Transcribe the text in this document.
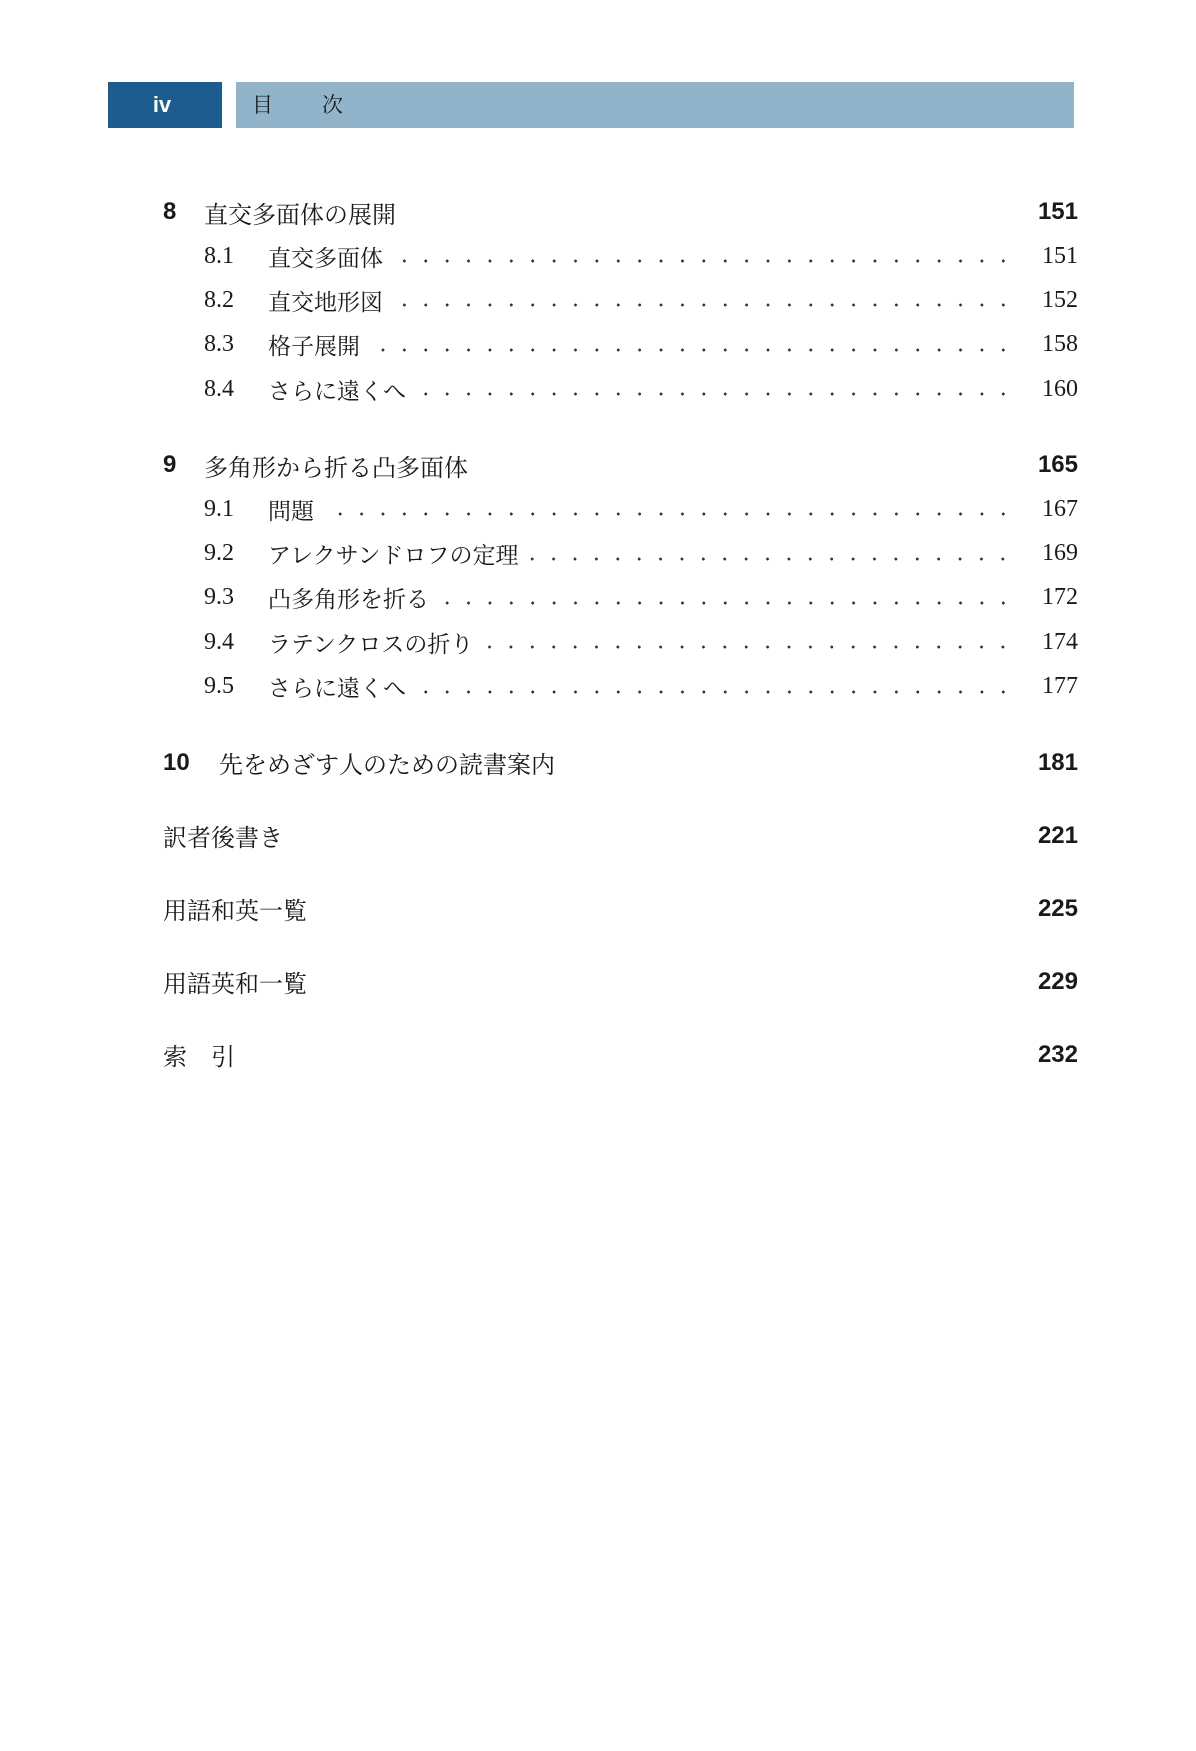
iv	目　次
8	直交多面体の展開	151
8.1	直交多面体	151
8.2	直交地形図	152
8.3	格子展開	158
8.4	さらに遠くへ	160
9	多角形から折る凸多面体	165
9.1	問題	167
9.2	アレクサンドロフの定理	169
9.3	凸多角形を折る	172
9.4	ラテンクロスの折り	174
9.5	さらに遠くへ	177
10	先をめざす人のための読書案内	181
訳者後書き	221
用語和英一覧	225
用語英和一覧	229
索　引	232
